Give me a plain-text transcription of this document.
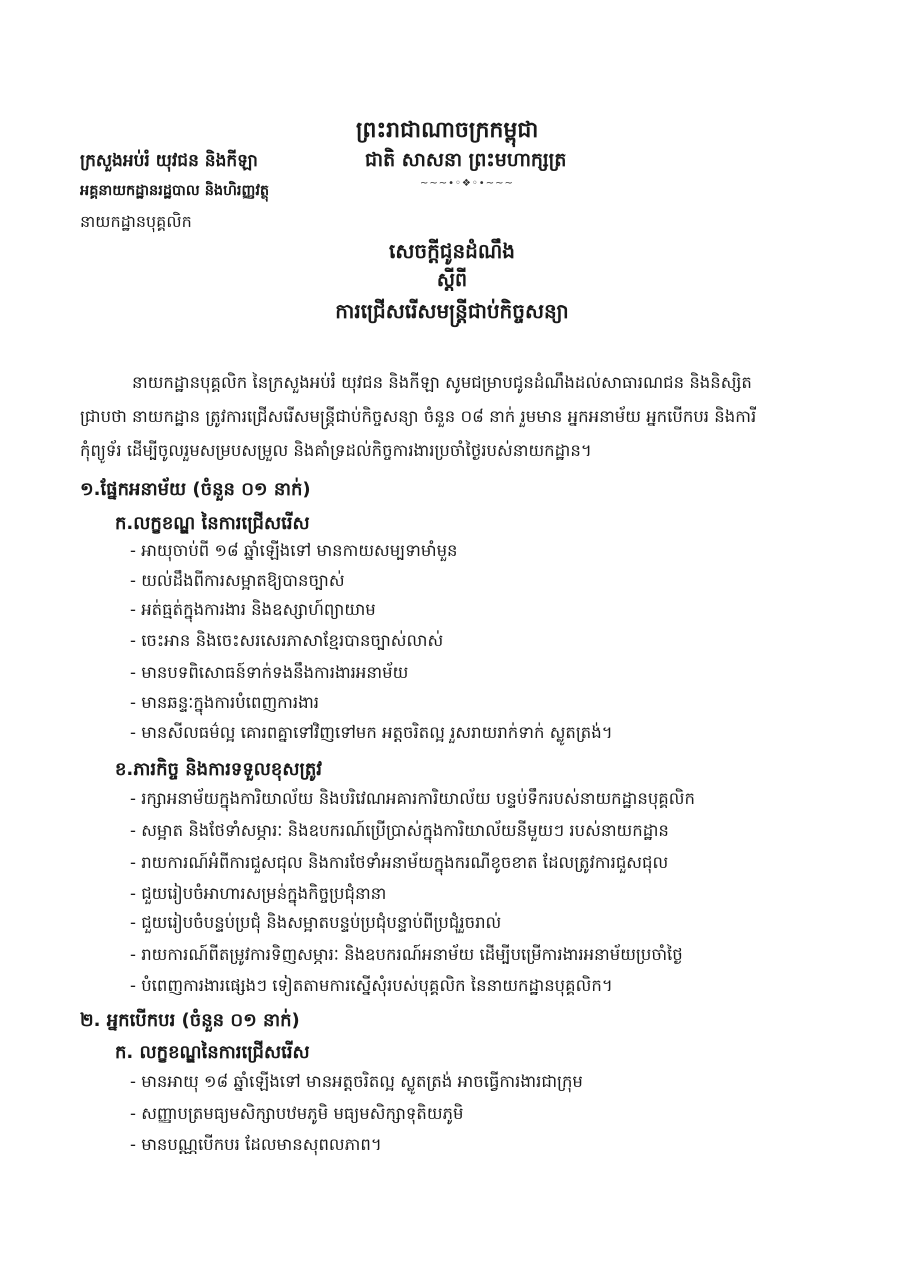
ព្រះរាជាណាចក្រកម្ពុជា
ជាតិ សាសនា ព្រះមហាក្សត្រ
~~~•◦❖◦•~~~
ក្រសួងអប់រំ យុវជន និងកីឡា
អគ្គនាយកដ្ឋានរដ្ឋបាល និងហិរញ្ញវត្ថុ
នាយកដ្ឋានបុគ្គលិក
សេចក្តីជូនដំណឹង
ស្តីពី
ការជ្រើសរើសមន្ត្រីជាប់កិច្ចសន្យា
នាយកដ្ឋានបុគ្គលិក នៃក្រសួងអប់រំ យុវជន និងកីឡា សូមជម្រាបជូនដំណឹងដល់សាធារណជន និងនិស្សិត
ជ្រាបថា នាយកដ្ឋាន ត្រូវការជ្រើសរើសមន្ត្រីជាប់កិច្ចសន្យា ចំនួន ០៨ នាក់ រួមមាន អ្នកអនាម័យ អ្នកបើកបរ និងការី
កុំព្យូទ័រ ដើម្បីចូលរួមសម្របសម្រួល និងគាំទ្រដល់កិច្ចការងារប្រចាំថ្ងៃរបស់នាយកដ្ឋាន។
១.ផ្នែកអនាម័យ (ចំនួន ០១ នាក់)
ក.លក្ខខណ្ឌ នៃការជ្រើសរើស
- អាយុចាប់ពី ១៨ ឆ្នាំឡើងទៅ មានកាយសម្បទាមាំមួន
- យល់ដឹងពីការសម្អាតឱ្យបានច្បាស់
- អត់ធ្មត់ក្នុងការងារ និងឧស្សាហ៍ព្យាយាម
- ចេះអាន និងចេះសរសេរភាសាខ្មែរបានច្បាស់លាស់
- មានបទពិសោធន៍ទាក់ទងនឹងការងារអនាម័យ
- មានឆន្ទៈក្នុងការបំពេញការងារ
- មានសីលធម៌ល្អ គោរពគ្នាទៅវិញទៅមក អត្តចរិតល្អ រួសរាយរាក់ទាក់ ស្លូតត្រង់។
ខ.ភារកិច្ច និងការទទួលខុសត្រូវ
- រក្សាអនាម័យក្នុងការិយាល័យ និងបរិវេណអគារការិយាល័យ បន្ទប់ទឹករបស់នាយកដ្ឋានបុគ្គលិក
- សម្អាត និងថែទាំសម្ភារៈ និងឧបករណ៍ប្រើប្រាស់ក្នុងការិយាល័យនីមួយៗ របស់នាយកដ្ឋាន
- រាយការណ៍អំពីការជួសជុល និងការថែទាំអនាម័យក្នុងករណីខូចខាត ដែលត្រូវការជួសជុល
- ជួយរៀបចំអាហារសម្រន់ក្នុងកិច្ចប្រជុំនានា
- ជួយរៀបចំបន្ទប់ប្រជុំ និងសម្អាតបន្ទប់ប្រជុំបន្ទាប់ពីប្រជុំរួចរាល់
- រាយការណ៍ពីតម្រូវការទិញសម្ភារៈ និងឧបករណ៍អនាម័យ ដើម្បីបម្រើការងារអនាម័យប្រចាំថ្ងៃ
- បំពេញការងារផ្សេងៗ ទៀតតាមការស្នើសុំរបស់បុគ្គលិក នៃនាយកដ្ឋានបុគ្គលិក។
២. អ្នកបើកបរ (ចំនួន ០១ នាក់)
ក. លក្ខខណ្ឌនៃការជ្រើសរើស
- មានអាយុ ១៨ ឆ្នាំឡើងទៅ មានអត្តចរិតល្អ ស្លូតត្រង់ អាចធ្វើការងារជាក្រុម
- សញ្ញាបត្រមធ្យមសិក្សាបឋមភូមិ មធ្យមសិក្សាទុតិយភូមិ
- មានបណ្ណបើកបរ ដែលមានសុពលភាព។
